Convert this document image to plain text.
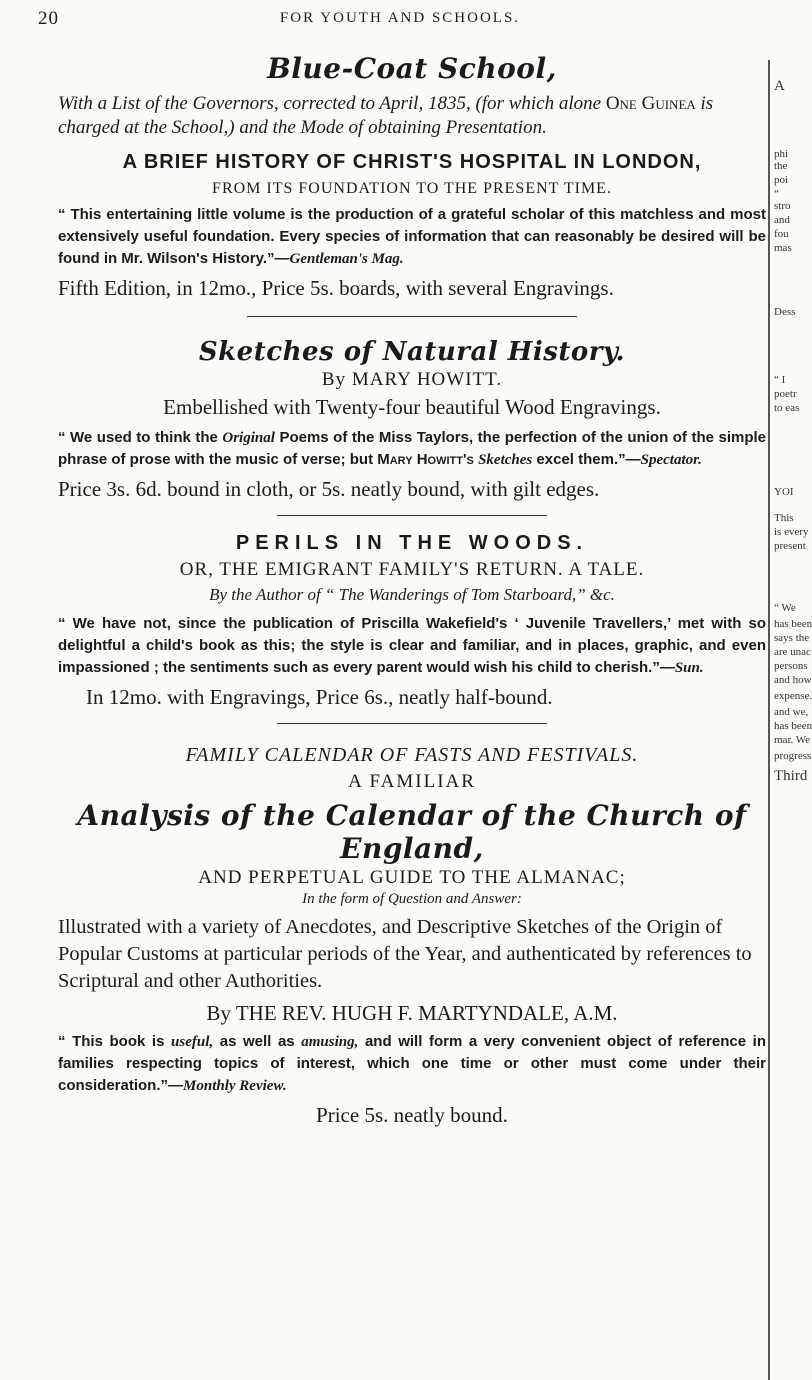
20	FOR YOUTH AND SCHOOLS.

Blue-Coat School,

With a List of the Governors, corrected to April, 1835, (for which alone One Guinea is charged at the School,) and the Mode of obtaining Presentation.

A BRIEF HISTORY OF CHRIST'S HOSPITAL IN LONDON,

FROM ITS FOUNDATION TO THE PRESENT TIME.

“ This entertaining little volume is the production of a grateful scholar of this matchless and most extensively useful foundation. Every species of information that can reasonably be desired will be found in Mr. Wilson's History.”—Gentleman's Mag.

Fifth Edition, in 12mo., Price 5s. boards, with several Engravings.

Sketches of Natural History.

By MARY HOWITT.

Embellished with Twenty-four beautiful Wood Engravings.

“ We used to think the Original Poems of the Miss Taylors, the perfection of the union of the simple phrase of prose with the music of verse; but Mary Howitt's Sketches excel them.”—Spectator.

Price 3s. 6d. bound in cloth, or 5s. neatly bound, with gilt edges.

PERILS IN THE WOODS.

OR, THE EMIGRANT FAMILY'S RETURN. A TALE.

By the Author of “ The Wanderings of Tom Starboard,” &c.

“ We have not, since the publication of Priscilla Wakefield's ‘ Juvenile Travellers,’ met with so delightful a child's book as this; the style is clear and familiar, and in places, graphic, and even impassioned ; the sentiments such as every parent would wish his child to cherish.”—Sun.

In 12mo. with Engravings, Price 6s., neatly half-bound.

FAMILY CALENDAR OF FASTS AND FESTIVALS.

A FAMILIAR

Analysis of the Calendar of the Church of England,

AND PERPETUAL GUIDE TO THE ALMANAC;

In the form of Question and Answer:

Illustrated with a variety of Anecdotes, and Descriptive Sketches of the Origin of Popular Customs at particular periods of the Year, and authenticated by references to Scriptural and other Authorities.

By THE REV. HUGH F. MARTYNDALE, A.M.

“ This book is useful, as well as amusing, and will form a very convenient object of reference in families respecting topics of interest, which one time or other must come under their consideration.”—Monthly Review.

Price 5s. neatly bound.

A
phi
the
poi
“
stro
and
fou
mas
Dess
“ I
poetr
to eas
YOI
This
is every
present
“ We
has been
says the
are unac
persons
and how
expense.
and we,
has been
mar. We
progress
Third
